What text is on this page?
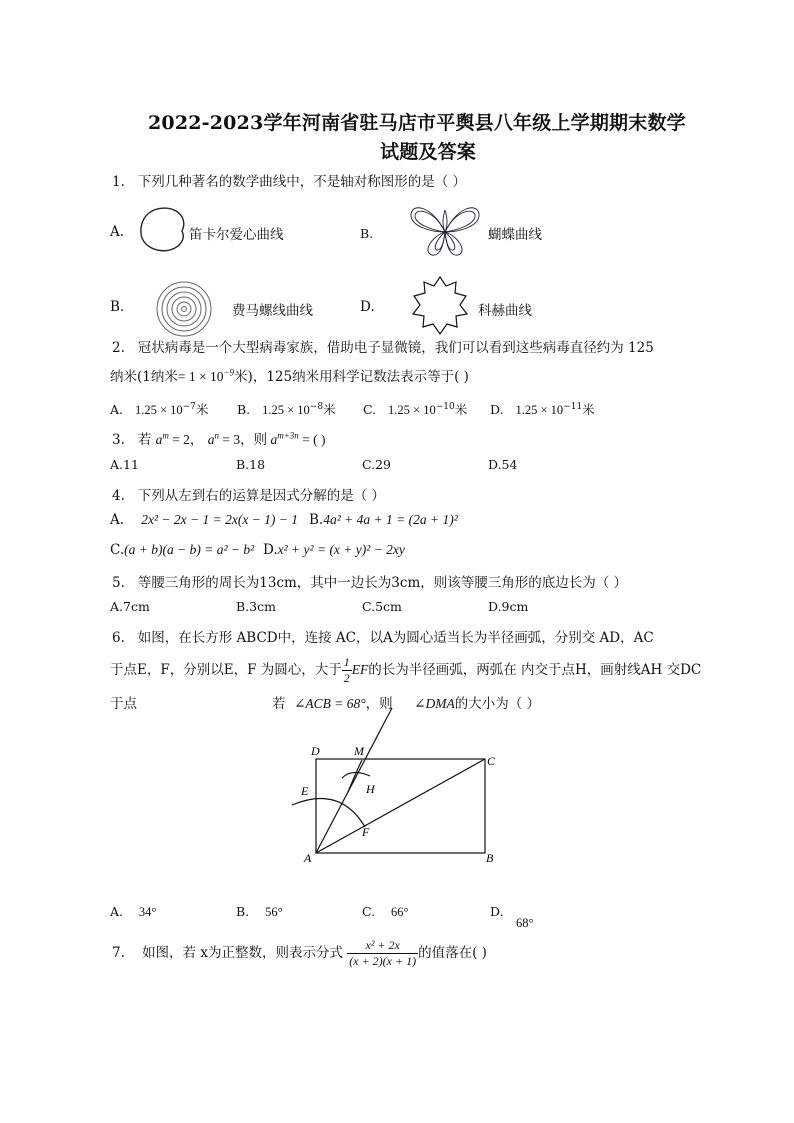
2022-2023学年河南省驻马店市平舆县八年级上学期期末数学
试题及答案
1. 下列几种著名的数学曲线中，不是轴对称图形的是（ ）
A.	笛卡尔爱心曲线	B.	蝴蝶曲线
B.	费马螺线曲线	D.	科赫曲线
2. 冠状病毒是一个大型病毒家族，借助电子显微镜，我们可以看到这些病毒直径约为 125
纳米(1纳米= $1 \times 10^{-9}$米)，125纳米用科学记数法表示等于( )
A. $1.25 \times 10^{-7}$米 B. $1.25 \times 10^{-8}$米 C. $1.25 \times 10^{-10}$米 D. $1.25 \times 10^{-11}$米
3. 若 $a^m = 2$， $a^n = 3$，则 $a^{m+3n}$ = ( )
A.11	B.18	C.29	D.54
4. 下列从左到右的运算是因式分解的是（ ）
A. 2x² − 2x − 1 = 2x(x − 1) − 1 B.4a² + 4a + 1 = (2a + 1)²
C.(a + b)(a − b) = a² − b² D.x² + y² = (x + y)² − 2xy
5. 等腰三角形的周长为13cm，其中一边长为3cm，则该等腰三角形的底边长为（ ）
A.7cm	B.3cm	C.5cm	D.9cm
6. 如图，在长方形 ABCD中，连接 AC，以A为圆心适当长为半径画弧，分别交 AD，AC
于点E，F，分别以E，F 为圆心，大于 $\frac{1}{2}$ EF的长为半径画弧，两弧在 内交于点H，画射线AH 交DC
于点	若 ∠ACB = 68°，则 ∠DMA的大小为（ ）
D	M
C
E	H
F
A	B
A. 34°	B. 56°	C. 66°	D.
68°
7. 如图，若 x为正整数，则表示分式 $\frac{\text{x² + 2x}}{(x + 2)(x + 1)}$ 的值落在( )
